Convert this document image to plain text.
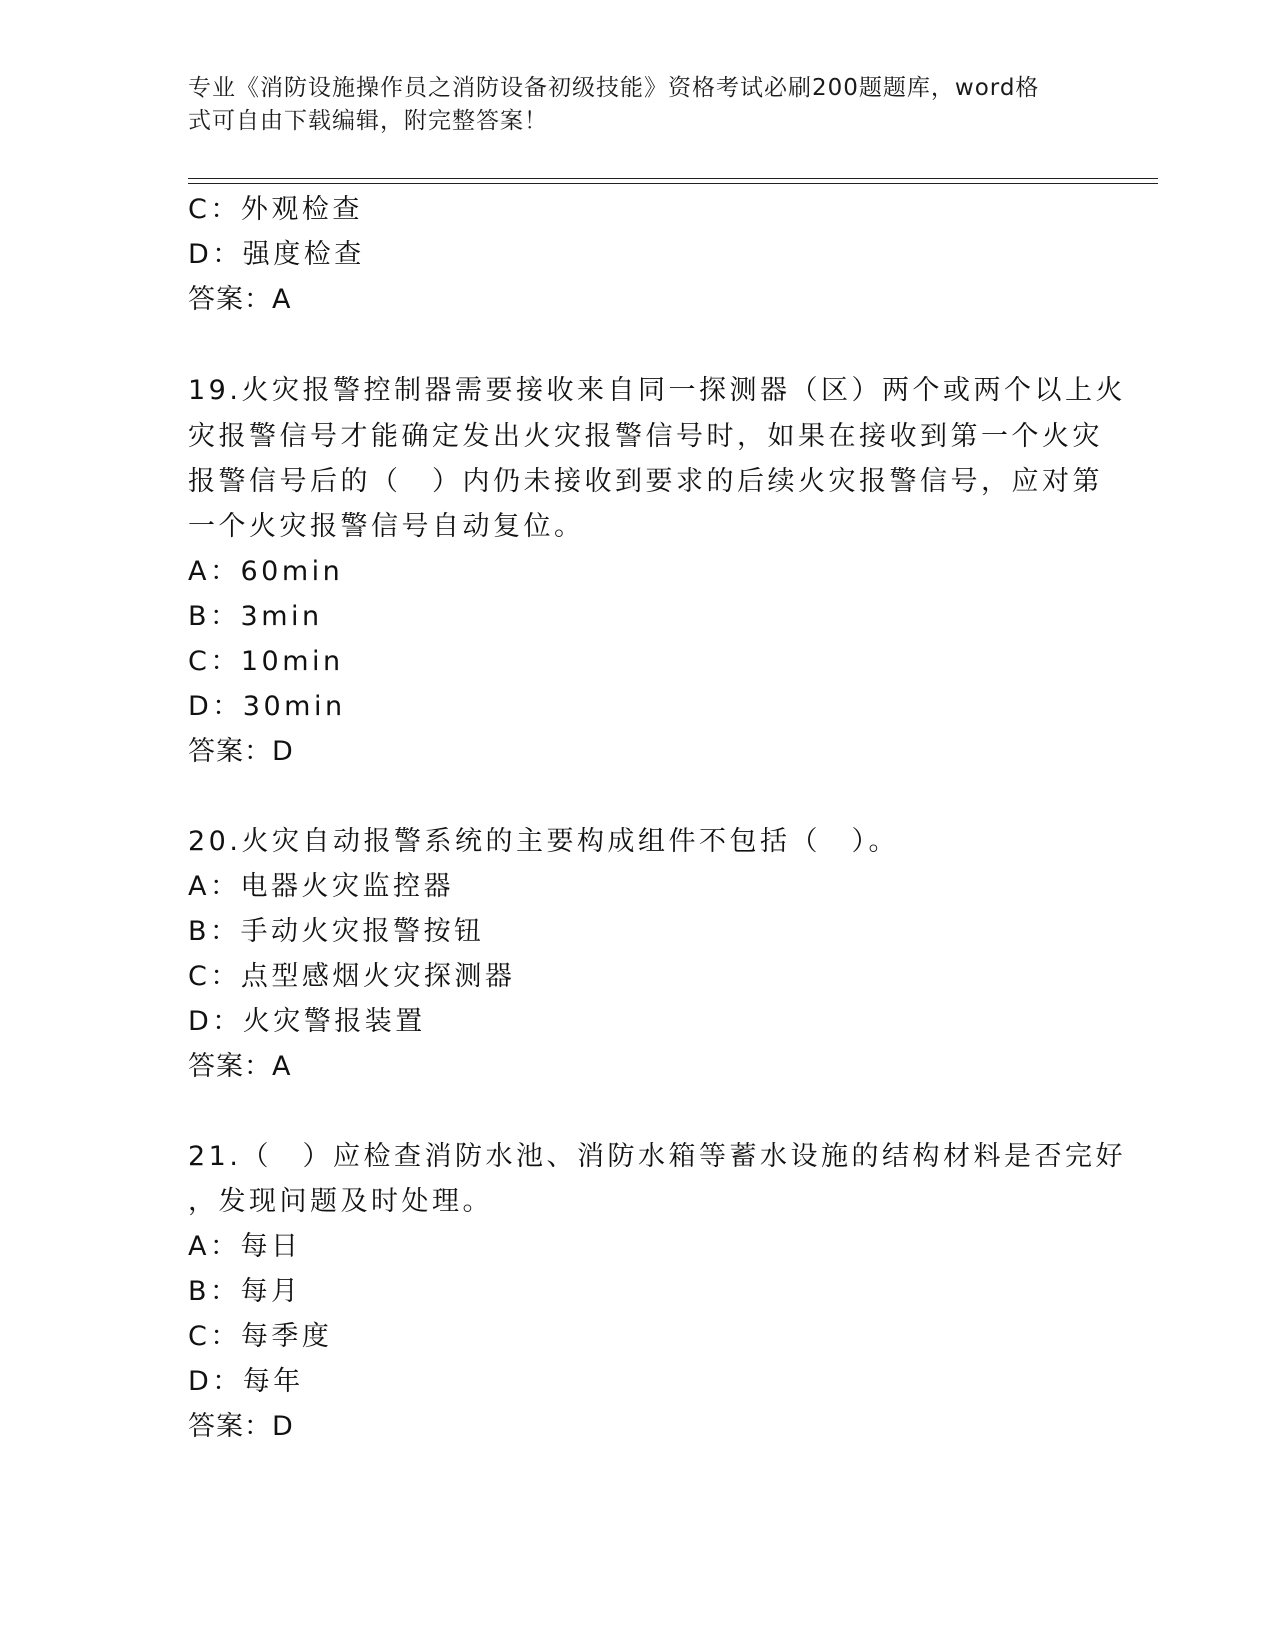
专业《消防设施操作员之消防设备初级技能》资格考试必刷200题题库，word格
式可自由下载编辑，附完整答案！
C：外观检查
D：强度检查
答案：A
19.火灾报警控制器需要接收来自同一探测器（区）两个或两个以上火
灾报警信号才能确定发出火灾报警信号时，如果在接收到第一个火灾
报警信号后的（　）内仍未接收到要求的后续火灾报警信号，应对第
一个火灾报警信号自动复位。
A：60min
B：3min
C：10min
D：30min
答案：D
20.火灾自动报警系统的主要构成组件不包括（　）。
A：电器火灾监控器
B：手动火灾报警按钮
C：点型感烟火灾探测器
D：火灾警报装置
答案：A
21.（　）应检查消防水池、消防水箱等蓄水设施的结构材料是否完好
，发现问题及时处理。
A：每日
B：每月
C：每季度
D：每年
答案：D
